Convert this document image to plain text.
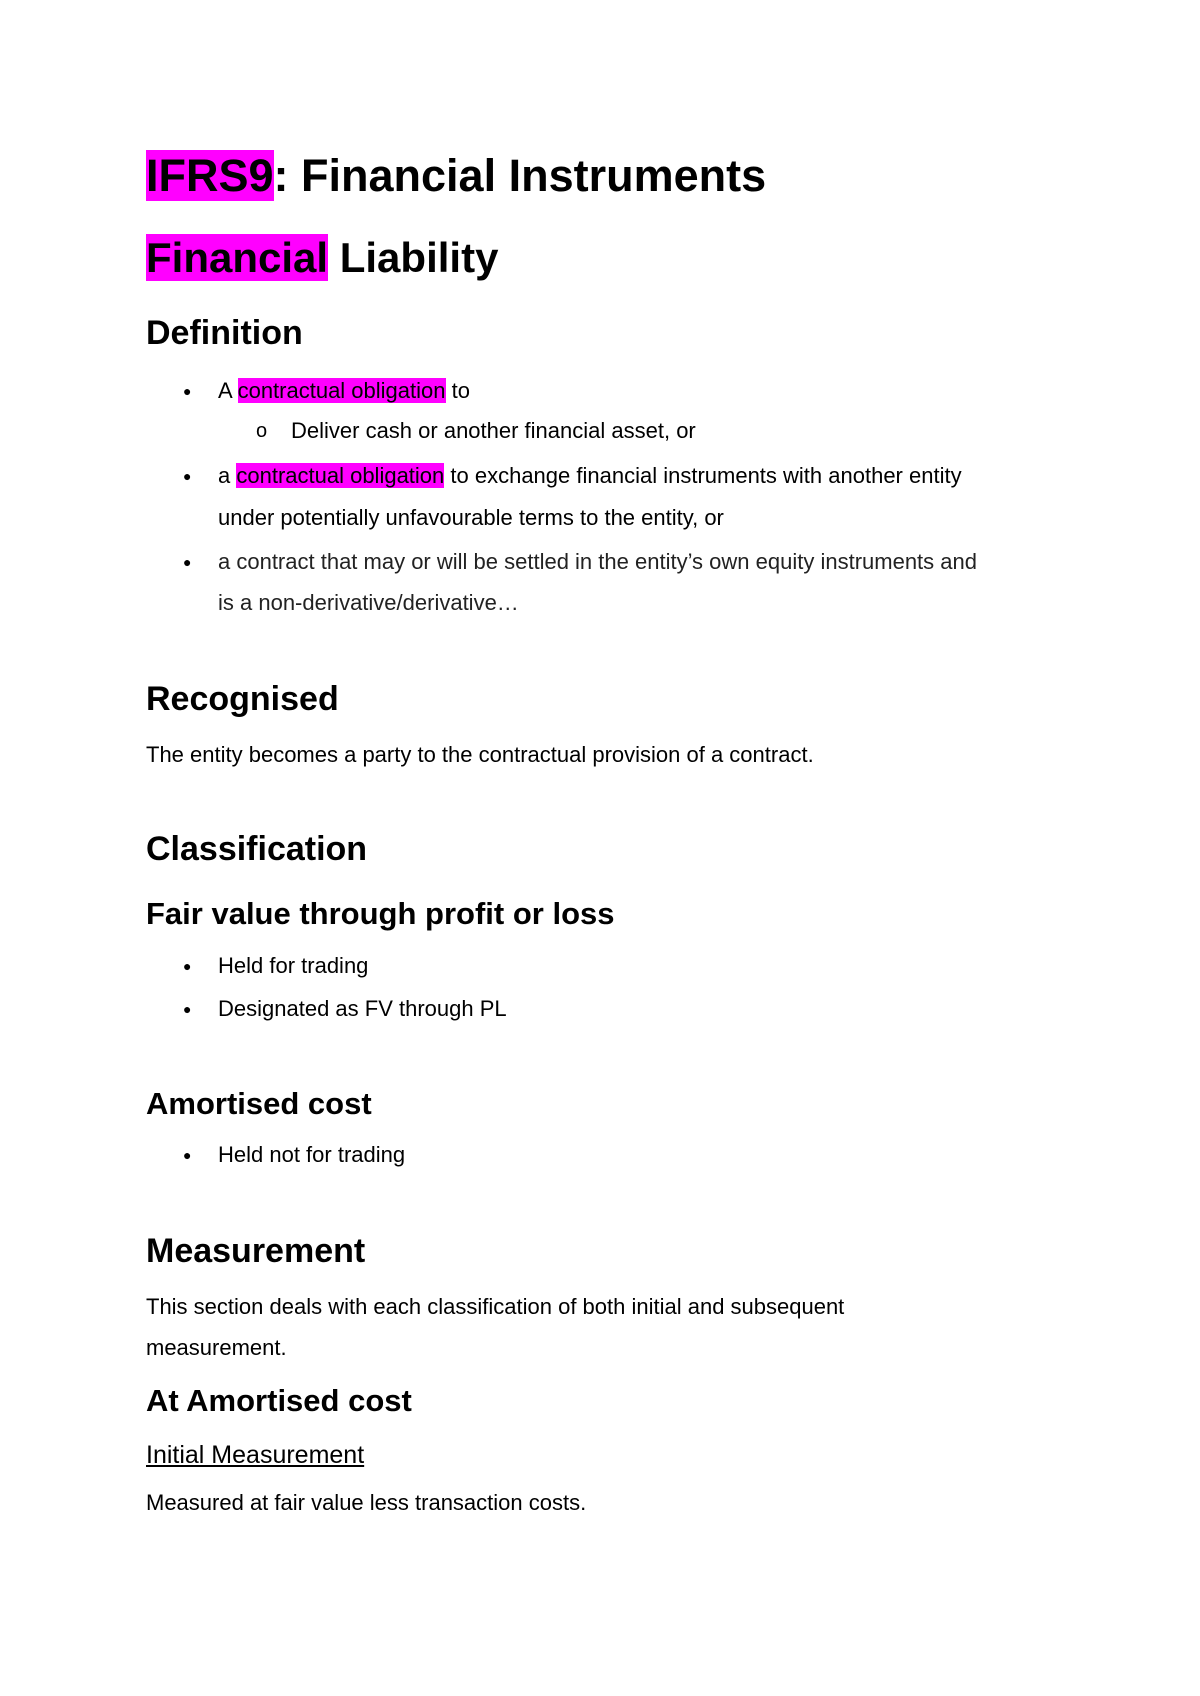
IFRS9: Financial Instruments
Financial Liability
Definition
● A contractual obligation to

o Deliver cash or another financial asset, or

● a contractual obligation to exchange financial instruments with another entity

under potentially unfavourable terms to the entity, or

● a contract that may or will be settled in the entity’s own equity instruments and

is a non-derivative/derivative…

Recognised

The entity becomes a party to the contractual provision of a contract.

Classification
Fair value through profit or loss
● Held for trading

● Designated as FV through PL

Amortised cost
● Held not for trading

Measurement

This section deals with each classification of both initial and subsequent

measurement.

At Amortised cost

Initial Measurement

Measured at fair value less transaction costs.
